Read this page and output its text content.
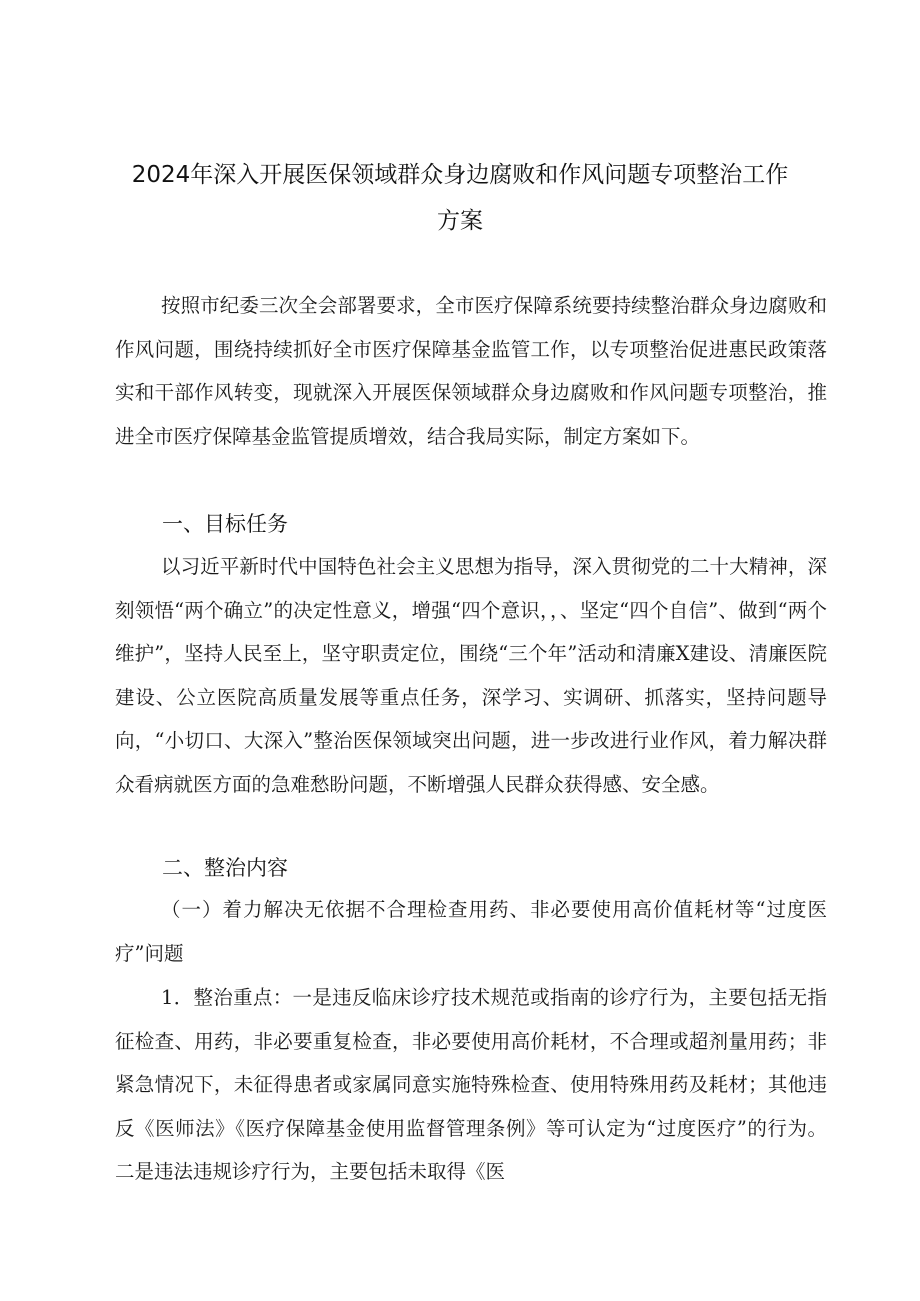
2024年深入开展医保领域群众身边腐败和作风问题专项整治工作
方案
按照市纪委三次全会部署要求，全市医疗保障系统要持续整治群众身边腐败和作风问题，围绕持续抓好全市医疗保障基金监管工作，以专项整治促进惠民政策落实和干部作风转变，现就深入开展医保领域群众身边腐败和作风问题专项整治，推进全市医疗保障基金监管提质增效，结合我局实际，制定方案如下。
一、目标任务
以习近平新时代中国特色社会主义思想为指导，深入贯彻党的二十大精神，深刻领悟“两个确立”的决定性意义，增强“四个意识，，、坚定“四个自信”、做到“两个维护”，坚持人民至上，坚守职责定位，围绕“三个年”活动和清廉X建设、清廉医院建设、公立医院高质量发展等重点任务，深学习、实调研、抓落实，坚持问题导向，“小切口、大深入”整治医保领域突出问题，进一步改进行业作风，着力解决群众看病就医方面的急难愁盼问题，不断增强人民群众获得感、安全感。
二、整治内容
（一）着力解决无依据不合理检查用药、非必要使用高价值耗材等“过度医疗”问题
1．整治重点：一是违反临床诊疗技术规范或指南的诊疗行为，主要包括无指征检查、用药，非必要重复检查，非必要使用高价耗材，不合理或超剂量用药；非紧急情况下，未征得患者或家属同意实施特殊检查、使用特殊用药及耗材；其他违反《医师法》《医疗保障基金使用监督管理条例》等可认定为“过度医疗”的行为。二是违法违规诊疗行为，主要包括未取得《医
